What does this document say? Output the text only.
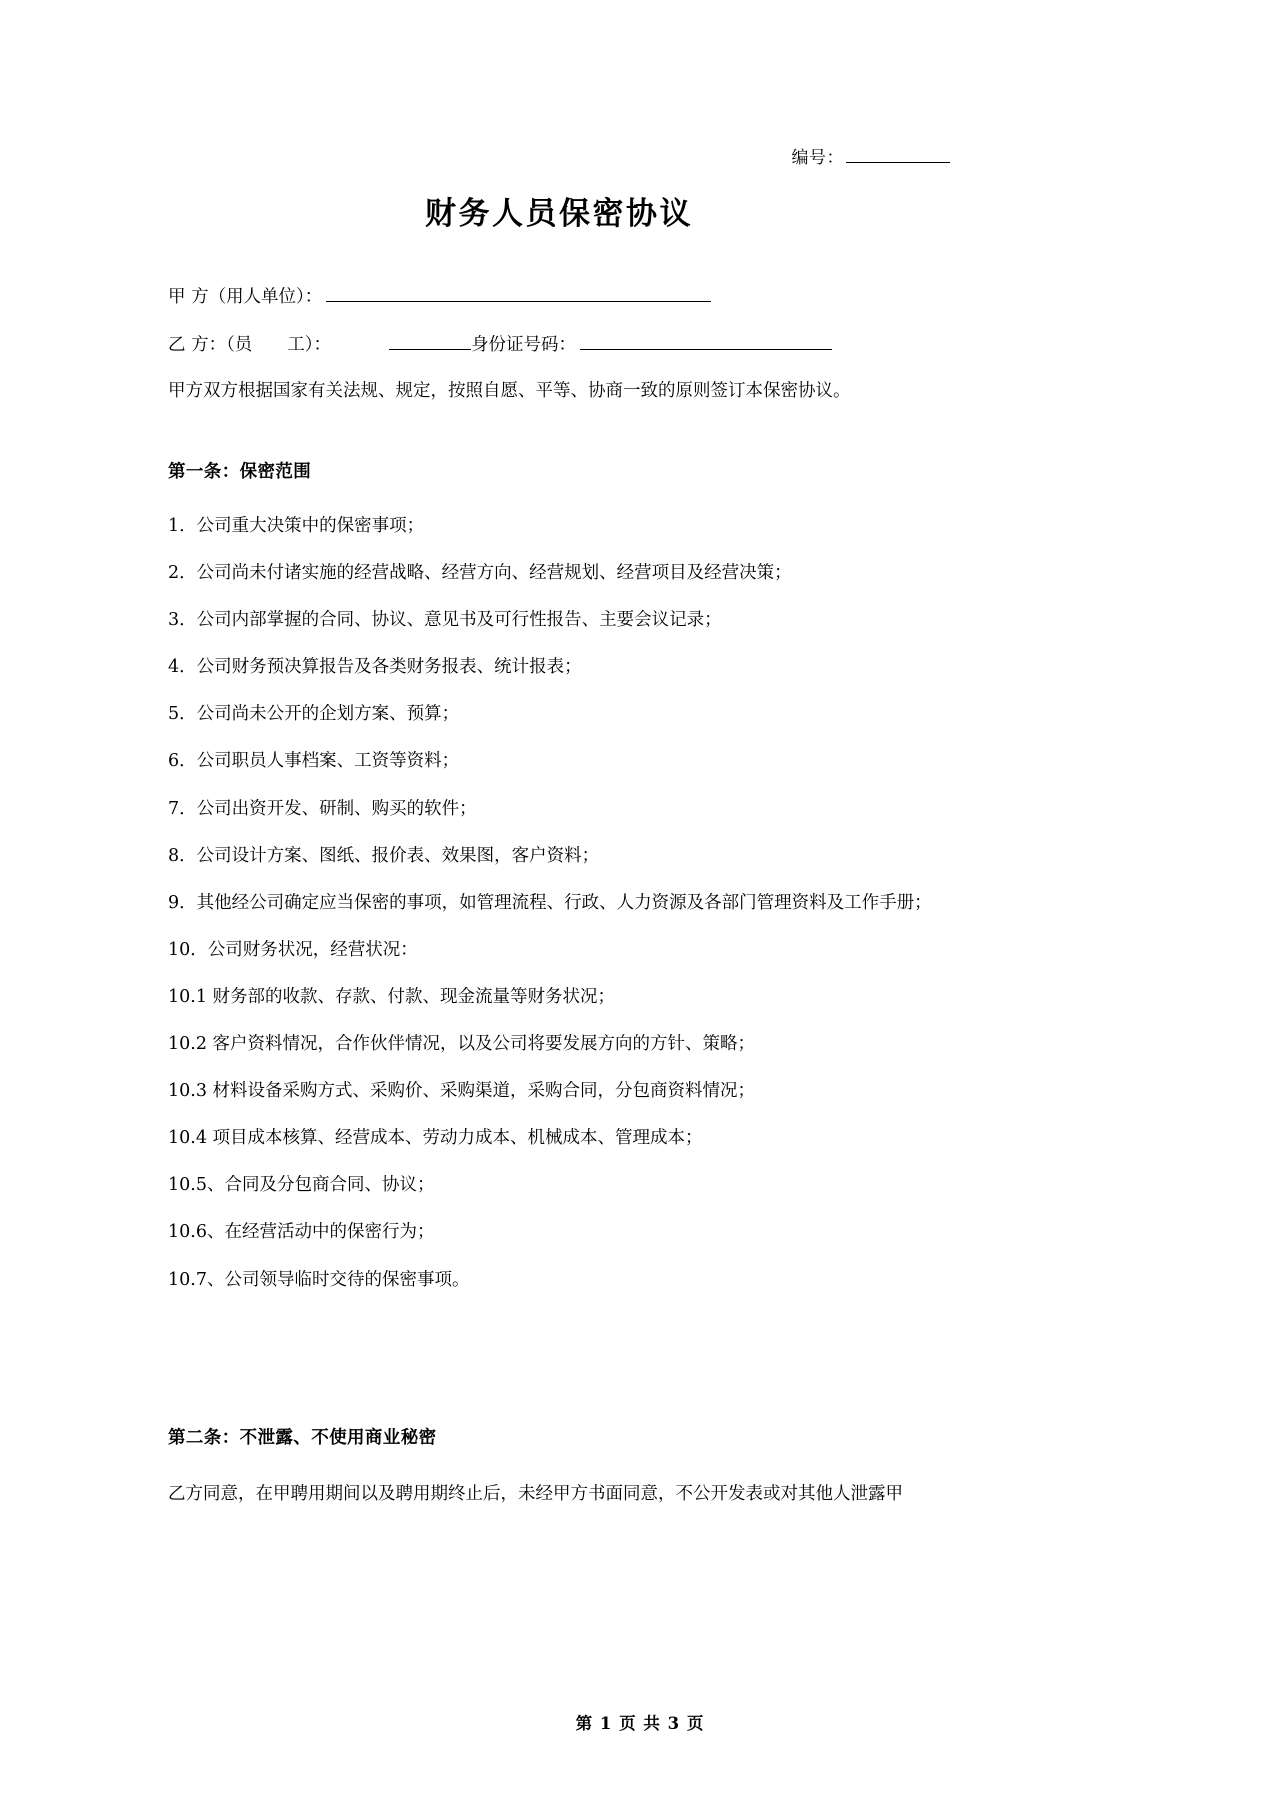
编号：
财务人员保密协议
甲 方（用人单位）：
乙 方：（员　　工）：	身份证号码：
甲方双方根据国家有关法规、规定，按照自愿、平等、协商一致的原则签订本保密协议。
第一条：保密范围
1．公司重大决策中的保密事项；
2．公司尚未付诸实施的经营战略、经营方向、经营规划、经营项目及经营决策；
3．公司内部掌握的合同、协议、意见书及可行性报告、主要会议记录；
4．公司财务预决算报告及各类财务报表、统计报表；
5．公司尚未公开的企划方案、预算；
6．公司职员人事档案、工资等资料；
7．公司出资开发、研制、购买的软件；
8．公司设计方案、图纸、报价表、效果图，客户资料；
9．其他经公司确定应当保密的事项，如管理流程、行政、人力资源及各部门管理资料及工作手册；
10．公司财务状况，经营状况：
10.1 财务部的收款、存款、付款、现金流量等财务状况；
10.2 客户资料情况，合作伙伴情况，以及公司将要发展方向的方针、策略；
10.3 材料设备采购方式、采购价、采购渠道，采购合同，分包商资料情况；
10.4 项目成本核算、经营成本、劳动力成本、机械成本、管理成本；
10.5、合同及分包商合同、协议；
10.6、在经营活动中的保密行为；
10.7、公司领导临时交待的保密事项。
第二条：不泄露、不使用商业秘密
乙方同意，在甲聘用期间以及聘用期终止后，未经甲方书面同意，不公开发表或对其他人泄露甲
第 1 页 共 3 页
